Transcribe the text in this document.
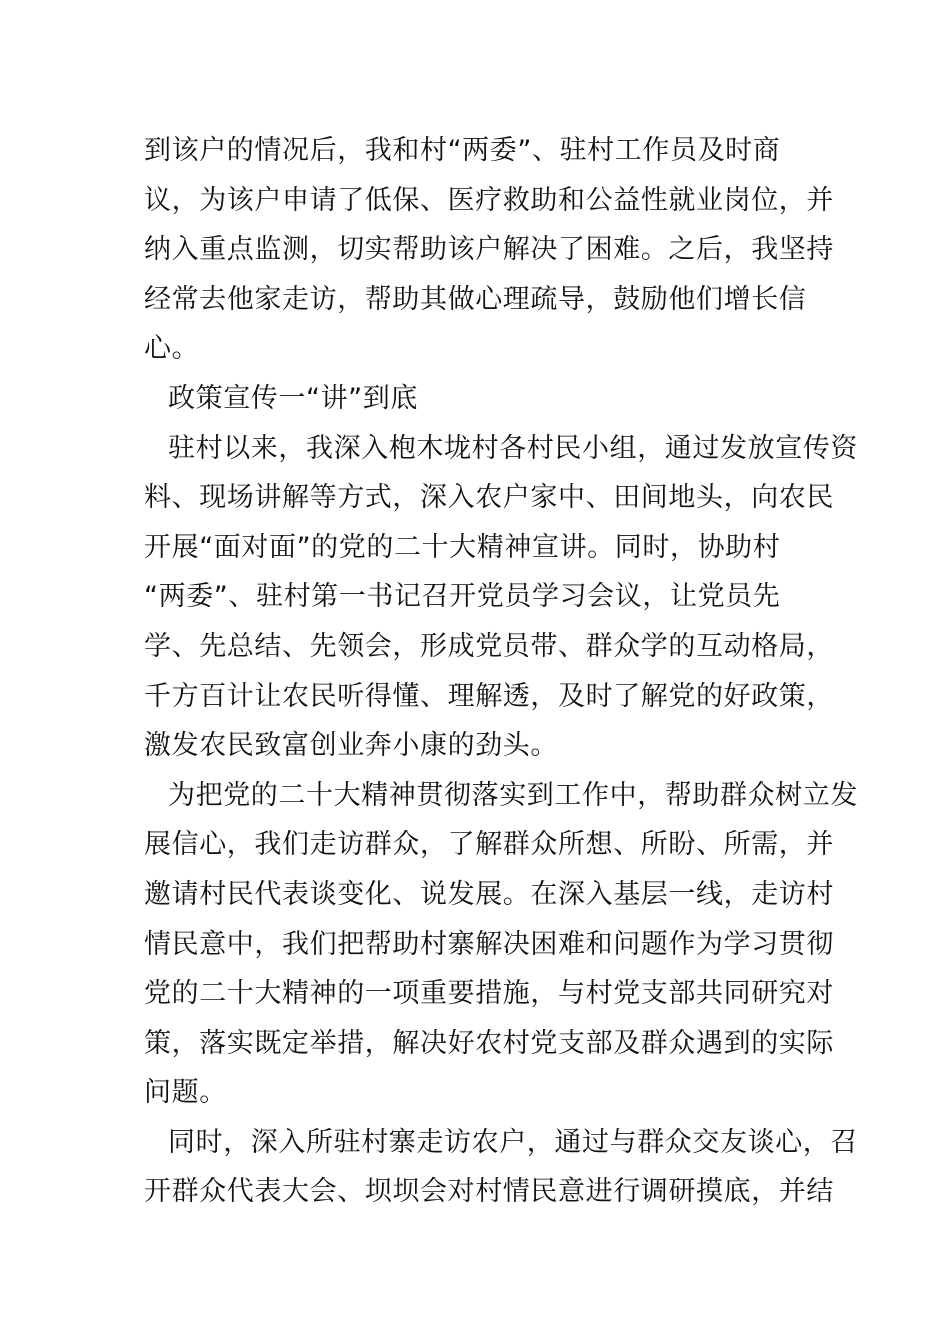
到该户的情况后，我和村“两委”、驻村工作员及时商
议，为该户申请了低保、医疗救助和公益性就业岗位，并
纳入重点监测，切实帮助该户解决了困难。之后，我坚持
经常去他家走访，帮助其做心理疏导，鼓励他们增长信
心。
政策宣传一“讲”到底
驻村以来，我深入枹木垅村各村民小组，通过发放宣传资
料、现场讲解等方式，深入农户家中、田间地头，向农民
开展“面对面”的党的二十大精神宣讲。同时，协助村
“两委”、驻村第一书记召开党员学习会议，让党员先
学、先总结、先领会，形成党员带、群众学的互动格局，
千方百计让农民听得懂、理解透，及时了解党的好政策，
激发农民致富创业奔小康的劲头。
为把党的二十大精神贯彻落实到工作中，帮助群众树立发
展信心，我们走访群众，了解群众所想、所盼、所需，并
邀请村民代表谈变化、说发展。在深入基层一线，走访村
情民意中，我们把帮助村寨解决困难和问题作为学习贯彻
党的二十大精神的一项重要措施，与村党支部共同研究对
策，落实既定举措，解决好农村党支部及群众遇到的实际
问题。
同时，深入所驻村寨走访农户，通过与群众交友谈心，召
开群众代表大会、坝坝会对村情民意进行调研摸底，并结
